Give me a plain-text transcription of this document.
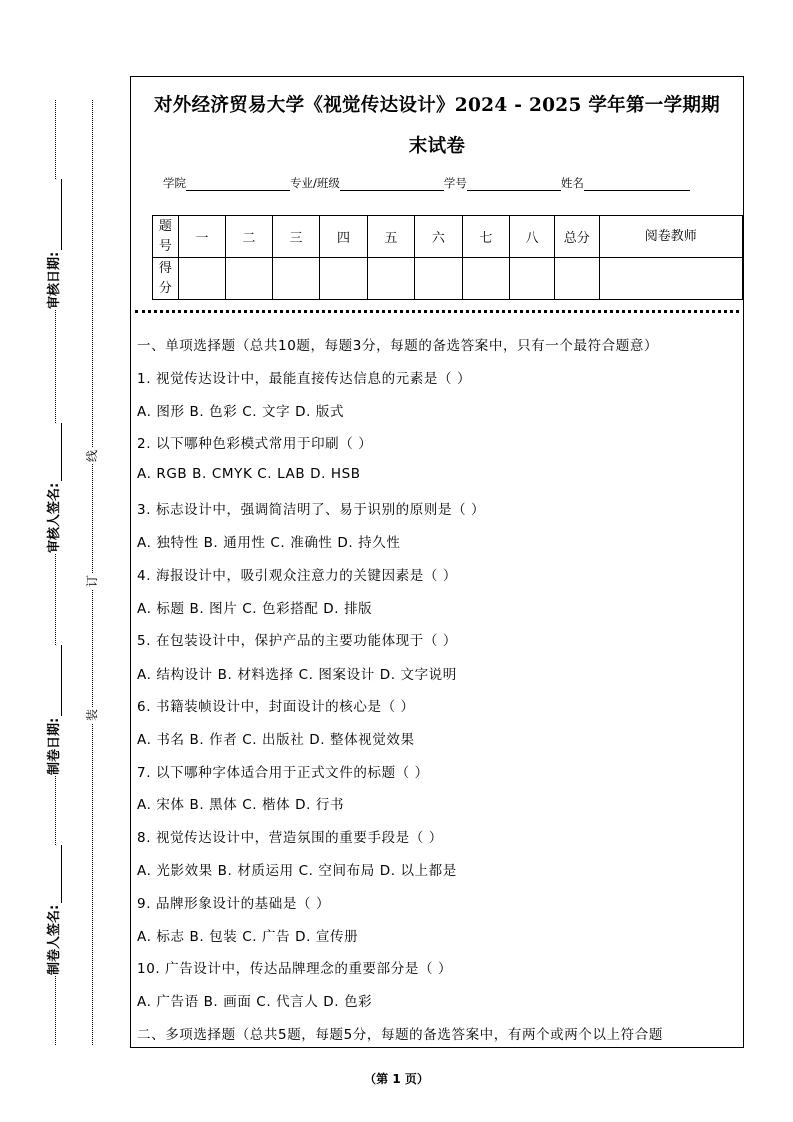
审核日期:
审核人签名:
制卷日期:
制卷人签名:
线
订
装
对外经济贸易大学《视觉传达设计》2024 - 2025 学年第一学期期
末试卷
学院	专业/班级	学号	姓名
题号	一	二	三	四	五	六	七	八	总分	阅卷教师
得分										
一、单项选择题（总共10题，每题3分，每题的备选答案中，只有一个最符合题意）
1. 视觉传达设计中，最能直接传达信息的元素是（ ）
A. 图形 B. 色彩 C. 文字 D. 版式
2. 以下哪种色彩模式常用于印刷（ ）
A. RGB B. CMYK C. LAB D. HSB
3. 标志设计中，强调简洁明了、易于识别的原则是（ ）
A. 独特性 B. 通用性 C. 准确性 D. 持久性
4. 海报设计中，吸引观众注意力的关键因素是（ ）
A. 标题 B. 图片 C. 色彩搭配 D. 排版
5. 在包装设计中，保护产品的主要功能体现于（ ）
A. 结构设计 B. 材料选择 C. 图案设计 D. 文字说明
6. 书籍装帧设计中，封面设计的核心是（ ）
A. 书名 B. 作者 C. 出版社 D. 整体视觉效果
7. 以下哪种字体适合用于正式文件的标题（ ）
A. 宋体 B. 黑体 C. 楷体 D. 行书
8. 视觉传达设计中，营造氛围的重要手段是（ ）
A. 光影效果 B. 材质运用 C. 空间布局 D. 以上都是
9. 品牌形象设计的基础是（ ）
A. 标志 B. 包装 C. 广告 D. 宣传册
10. 广告设计中，传达品牌理念的重要部分是（ ）
A. 广告语 B. 画面 C. 代言人 D. 色彩
二、多项选择题（总共5题，每题5分，每题的备选答案中，有两个或两个以上符合题
（第 1 页）
